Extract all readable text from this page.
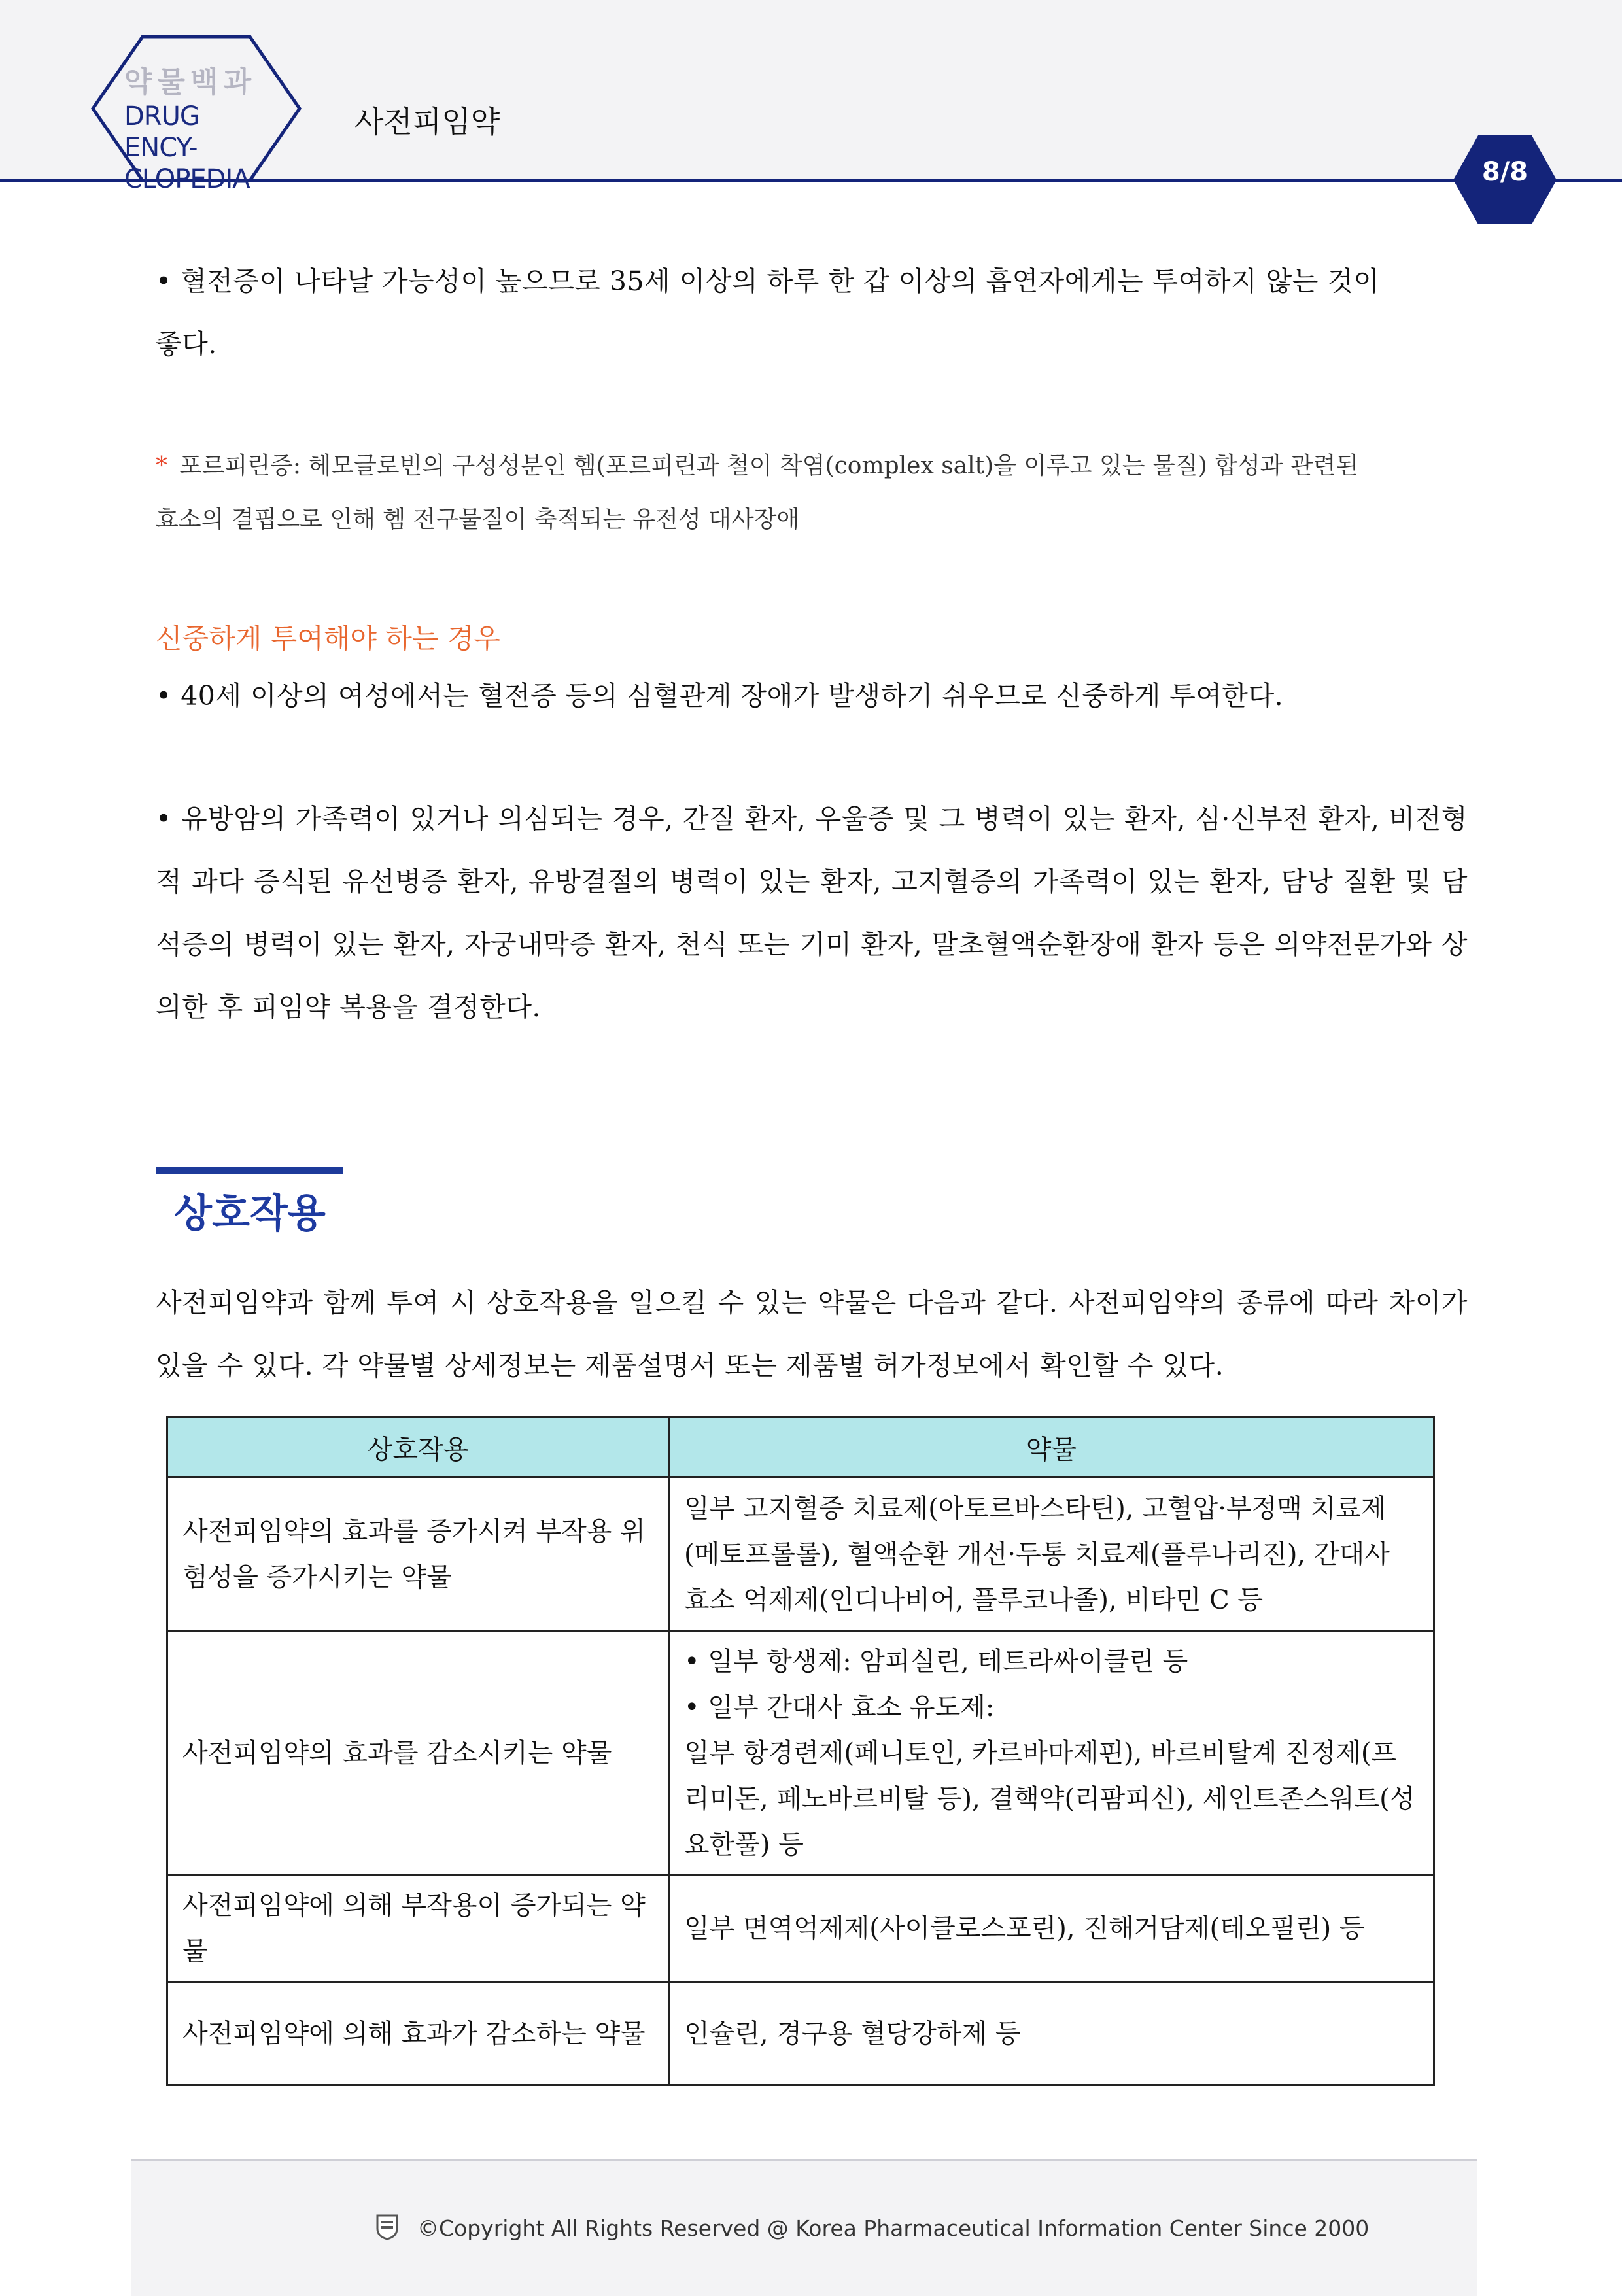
약물백과
DRUG ENCY-
CLOPEDIA
사전피임약
8/8
• 혈전증이 나타날 가능성이 높으므로 35세 이상의 하루 한 갑 이상의 흡연자에게는 투여하지 않는 것이
좋다.
* 포르피린증: 헤모글로빈의 구성성분인 헴(포르피린과 철이 착염(complex salt)을 이루고 있는 물질) 합성과 관련된
효소의 결핍으로 인해 헴 전구물질이 축적되는 유전성 대사장애
신중하게 투여해야 하는 경우
• 40세 이상의 여성에서는 혈전증 등의 심혈관계 장애가 발생하기 쉬우므로 신중하게 투여한다.
• 유방암의 가족력이 있거나 의심되는 경우, 간질 환자, 우울증 및 그 병력이 있는 환자, 심·신부전 환자, 비전형적 과다 증식된 유선병증 환자, 유방결절의 병력이 있는 환자, 고지혈증의 가족력이 있는 환자, 담낭 질환 및 담석증의 병력이 있는 환자, 자궁내막증 환자, 천식 또는 기미 환자, 말초혈액순환장애 환자 등은 의약전문가와 상의한 후 피임약 복용을 결정한다.
상호작용
사전피임약과 함께 투여 시 상호작용을 일으킬 수 있는 약물은 다음과 같다. 사전피임약의 종류에 따라 차이가 있을 수 있다. 각 약물별 상세정보는 제품설명서 또는 제품별 허가정보에서 확인할 수 있다.
상호작용	약물
사전피임약의 효과를 증가시켜 부작용 위험성을 증가시키는 약물	일부 고지혈증 치료제(아토르바스타틴), 고혈압·부정맥 치료제(메토프롤롤), 혈액순환 개선·두통 치료제(플루나리진), 간대사 효소 억제제(인디나비어, 플루코나졸), 비타민 C 등
사전피임약의 효과를 감소시키는 약물	• 일부 항생제: 암피실린, 테트라싸이클린 등
• 일부 간대사 효소 유도제:
일부 항경련제(페니토인, 카르바마제핀), 바르비탈계 진정제(프리미돈, 페노바르비탈 등), 결핵약(리팜피신), 세인트존스워트(성요한풀) 등
사전피임약에 의해 부작용이 증가되는 약물	일부 면역억제제(사이클로스포린), 진해거담제(테오필린) 등
사전피임약에 의해 효과가 감소하는 약물	인슐린, 경구용 혈당강하제 등
©Copyright All Rights Reserved @ Korea Pharmaceutical Information Center Since 2000
